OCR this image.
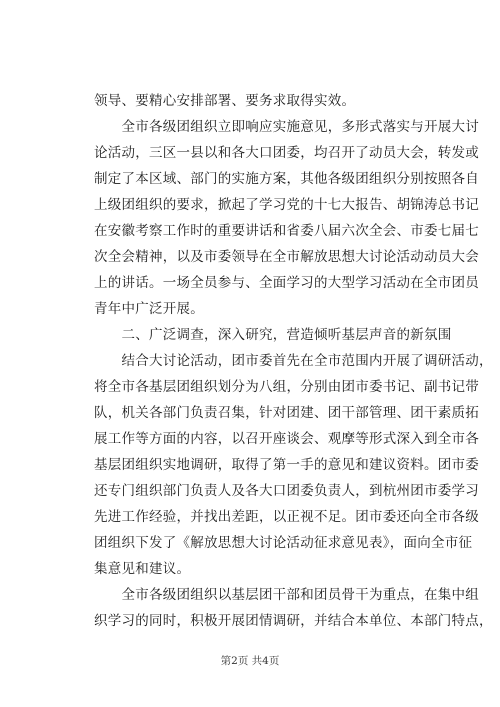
领导、要精心安排部署、要务求取得实效。
　　全市各级团组织立即响应实施意见，多形式落实与开展大讨
论活动，三区一县以和各大口团委，均召开了动员大会，转发或
制定了本区域、部门的实施方案，其他各级团组织分别按照各自
上级团组织的要求，掀起了学习党的十七大报告、胡锦涛总书记
在安徽考察工作时的重要讲话和省委八届六次全会、市委七届七
次全会精神，以及市委领导在全市解放思想大讨论活动动员大会
上的讲话。一场全员参与、全面学习的大型学习活动在全市团员
青年中广泛开展。
　　二、广泛调查，深入研究，营造倾听基层声音的新氛围
　　结合大讨论活动，团市委首先在全市范围内开展了调研活动，
将全市各基层团组织划分为八组，分别由团市委书记、副书记带
队，机关各部门负责召集，针对团建、团干部管理、团干素质拓
展工作等方面的内容，以召开座谈会、观摩等形式深入到全市各
基层团组织实地调研，取得了第一手的意见和建议资料。团市委
还专门组织部门负责人及各大口团委负责人，到杭州团市委学习
先进工作经验，并找出差距，以正视不足。团市委还向全市各级
团组织下发了《解放思想大讨论活动征求意见表》，面向全市征
集意见和建议。
　　全市各级团组织以基层团干部和团员骨干为重点，在集中组
织学习的同时，积极开展团情调研，并结合本单位、本部门特点，
第2页 共4页
